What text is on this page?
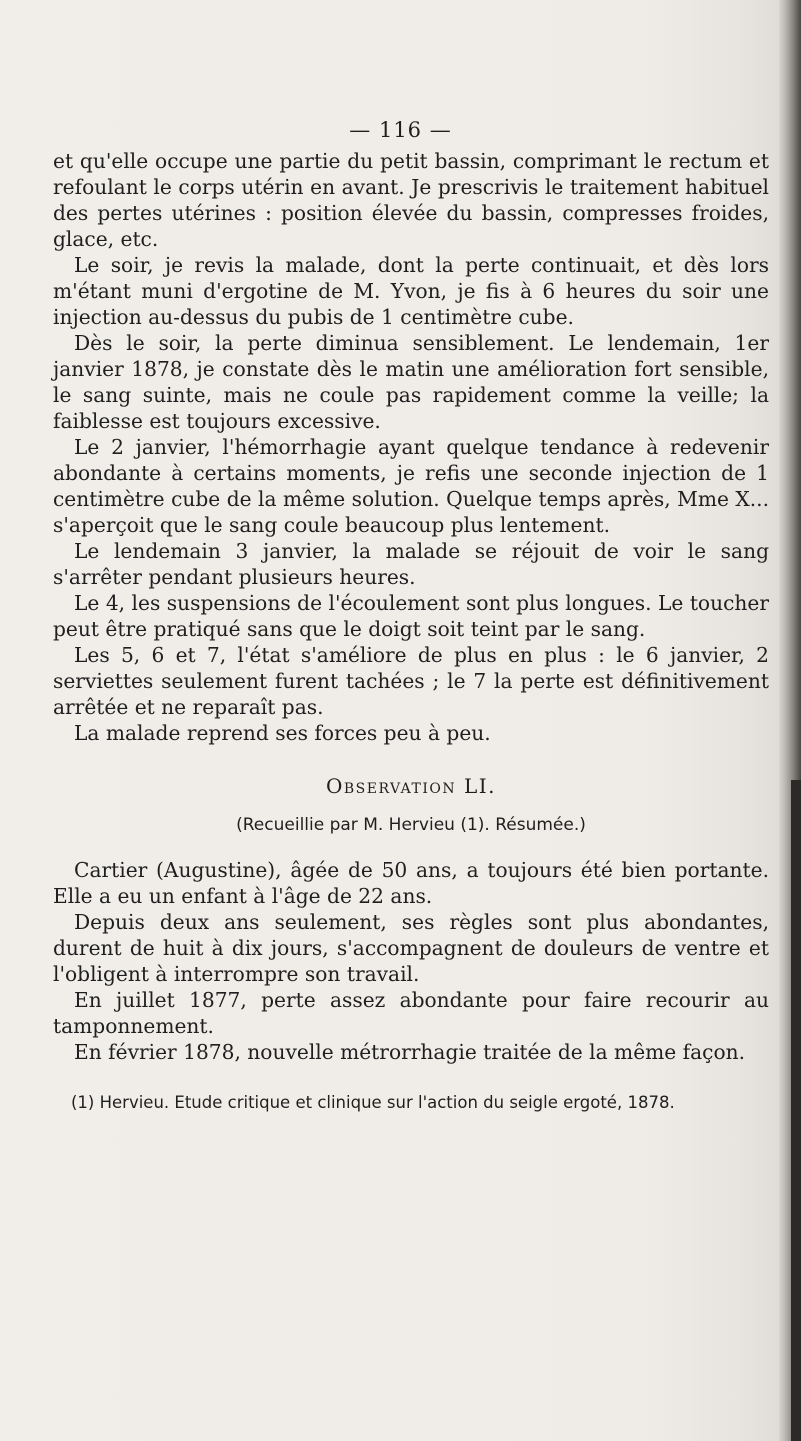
— 116 —

et qu'elle occupe une partie du petit bassin, comprimant le rectum et refoulant le corps utérin en avant. Je prescrivis le traitement habituel des pertes utérines : position élevée du bassin, compresses froides, glace, etc.

Le soir, je revis la malade, dont la perte continuait, et dès lors m'étant muni d'ergotine de M. Yvon, je fis à 6 heures du soir une injection au-dessus du pubis de 1 centimètre cube.

Dès le soir, la perte diminua sensiblement. Le lendemain, 1er janvier 1878, je constate dès le matin une amélioration fort sensible, le sang suinte, mais ne coule pas rapidement comme la veille; la faiblesse est toujours excessive.

Le 2 janvier, l'hémorrhagie ayant quelque tendance à redevenir abondante à certains moments, je refis une seconde injection de 1 centimètre cube de la même solution. Quelque temps après, Mme X... s'aperçoit que le sang coule beaucoup plus lentement.

Le lendemain 3 janvier, la malade se réjouit de voir le sang s'arrêter pendant plusieurs heures.

Le 4, les suspensions de l'écoulement sont plus longues. Le toucher peut être pratiqué sans que le doigt soit teint par le sang.

Les 5, 6 et 7, l'état s'améliore de plus en plus : le 6 janvier, 2 serviettes seulement furent tachées ; le 7 la perte est définitivement arrêtée et ne reparaît pas.

La malade reprend ses forces peu à peu.

Observation LI.

(Recueillie par M. Hervieu (1). Résumée.)

Cartier (Augustine), âgée de 50 ans, a toujours été bien portante. Elle a eu un enfant à l'âge de 22 ans.

Depuis deux ans seulement, ses règles sont plus abondantes, durent de huit à dix jours, s'accompagnent de douleurs de ventre et l'obligent à interrompre son travail.

En juillet 1877, perte assez abondante pour faire recourir au tamponnement.

En février 1878, nouvelle métrorrhagie traitée de la même façon.

(1) Hervieu. Etude critique et clinique sur l'action du seigle ergoté, 1878.
